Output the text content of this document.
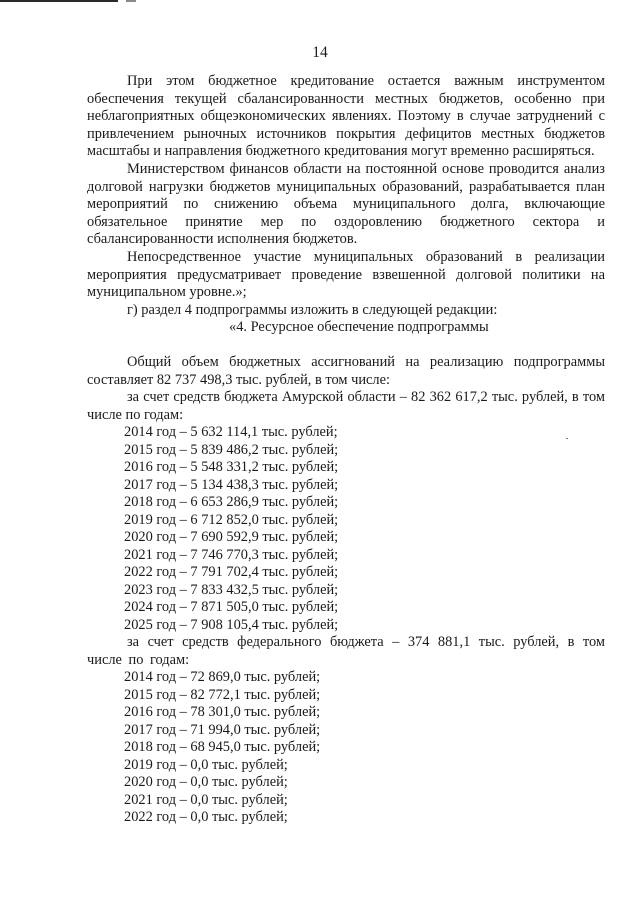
14

При этом бюджетное кредитование остается важным инструментом обеспечения текущей сбалансированности местных бюджетов, особенно при неблагоприятных общеэкономических явлениях. Поэтому в случае затруднений с привлечением рыночных источников покрытия дефицитов местных бюджетов масштабы и направления бюджетного кредитования могут временно расширяться.

Министерством финансов области на постоянной основе проводится анализ долговой нагрузки бюджетов муниципальных образований, разрабатывается план мероприятий по снижению объема муниципального долга, включающие обязательное принятие мер по оздоровлению бюджетного сектора и сбалансированности исполнения бюджетов.

Непосредственное участие муниципальных образований в реализации мероприятия предусматривает проведение взвешенной долговой политики на муниципальном уровне.»;

г) раздел 4 подпрограммы изложить в следующей редакции:

«4. Ресурсное обеспечение подпрограммы

Общий объем бюджетных ассигнований на реализацию подпрограммы составляет 82 737 498,3 тыс. рублей, в том числе:

за счет средств бюджета Амурской области – 82 362 617,2 тыс. рублей, в том числе по годам:

2014 год – 5 632 114,1 тыс. рублей;
2015 год – 5 839 486,2 тыс. рублей;
2016 год – 5 548 331,2 тыс. рублей;
2017 год – 5 134 438,3 тыс. рублей;
2018 год – 6 653 286,9 тыс. рублей;
2019 год – 6 712 852,0 тыс. рублей;
2020 год – 7 690 592,9 тыс. рублей;
2021 год – 7 746 770,3 тыс. рублей;
2022 год – 7 791 702,4 тыс. рублей;
2023 год – 7 833 432,5 тыс. рублей;
2024 год – 7 871 505,0 тыс. рублей;
2025 год – 7 908 105,4 тыс. рублей;

за счет средств федерального бюджета – 374 881,1 тыс. рублей, в том числе по годам:

2014 год – 72 869,0 тыс. рублей;
2015 год – 82 772,1 тыс. рублей;
2016 год – 78 301,0 тыс. рублей;
2017 год – 71 994,0 тыс. рублей;
2018 год – 68 945,0 тыс. рублей;
2019 год – 0,0 тыс. рублей;
2020 год – 0,0 тыс. рублей;
2021 год – 0,0 тыс. рублей;
2022 год – 0,0 тыс. рублей;
